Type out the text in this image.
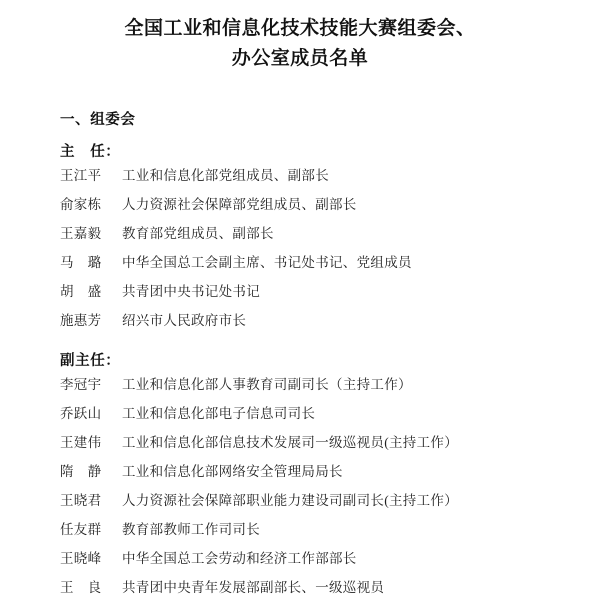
全国工业和信息化技术技能大赛组委会、
办公室成员名单
一、组委会
主　任：
王江平	工业和信息化部党组成员、副部长
俞家栋	人力资源社会保障部党组成员、副部长
王嘉毅	教育部党组成员、副部长
马　璐	中华全国总工会副主席、书记处书记、党组成员
胡　盛	共青团中央书记处书记
施惠芳	绍兴市人民政府市长
副主任：
李冠宇	工业和信息化部人事教育司副司长（主持工作）
乔跃山	工业和信息化部电子信息司司长
王建伟	工业和信息化部信息技术发展司一级巡视员(主持工作）
隋　静	工业和信息化部网络安全管理局局长
王晓君	人力资源社会保障部职业能力建设司副司长(主持工作）
任友群	教育部教师工作司司长
王晓峰	中华全国总工会劳动和经济工作部部长
王　良	共青团中央青年发展部副部长、一级巡视员
